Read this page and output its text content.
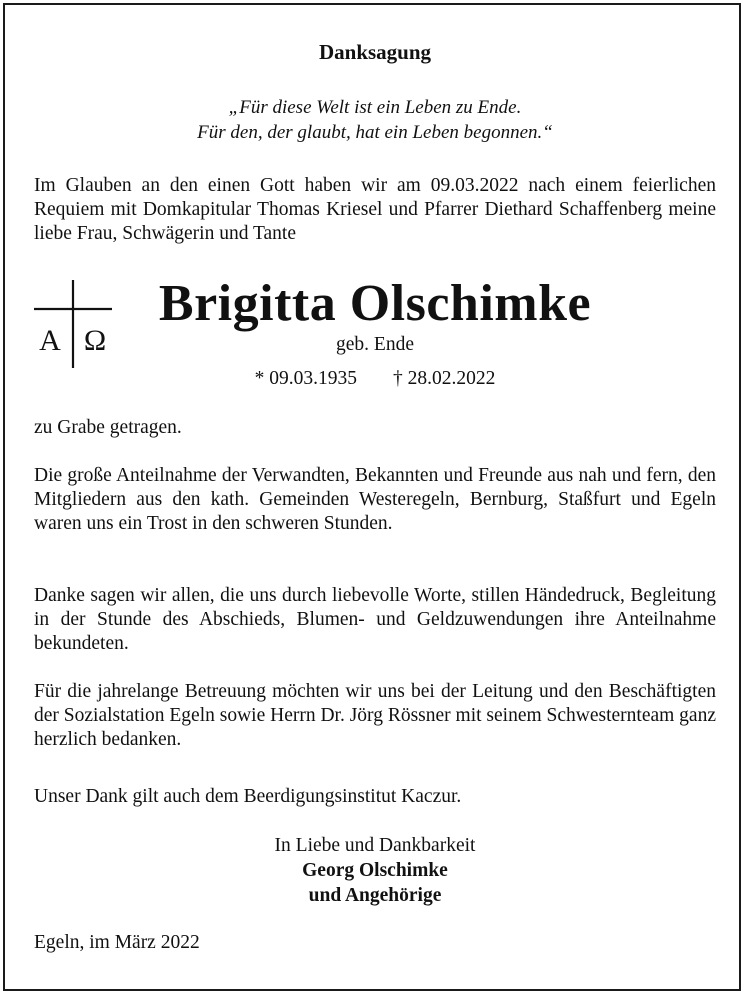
Danksagung
„Für diese Welt ist ein Leben zu Ende.
Für den, der glaubt, hat ein Leben begonnen.“
Im Glauben an den einen Gott haben wir am 09.03.2022 nach einem feierlichen Requiem mit Domkapitular Thomas Kriesel und Pfarrer Diethard Schaffenberg meine liebe Frau, Schwägerin und Tante
A Ω
Brigitta Olschimke
geb. Ende
* 09.03.1935 † 28.02.2022
zu Grabe getragen.
Die große Anteilnahme der Verwandten, Bekannten und Freunde aus nah und fern, den Mitgliedern aus den kath. Gemeinden Westeregeln, Bernburg, Staßfurt und Egeln waren uns ein Trost in den schweren Stunden.
Danke sagen wir allen, die uns durch liebevolle Worte, stillen Händedruck, Begleitung in der Stunde des Abschieds, Blumen- und Geldzuwendungen ihre Anteilnahme bekundeten.
Für die jahrelange Betreuung möchten wir uns bei der Leitung und den Beschäftigten der Sozialstation Egeln sowie Herrn Dr. Jörg Rössner mit seinem Schwesternteam ganz herzlich bedanken.
Unser Dank gilt auch dem Beerdigungsinstitut Kaczur.
In Liebe und Dankbarkeit
Georg Olschimke
und Angehörige
Egeln, im März 2022
